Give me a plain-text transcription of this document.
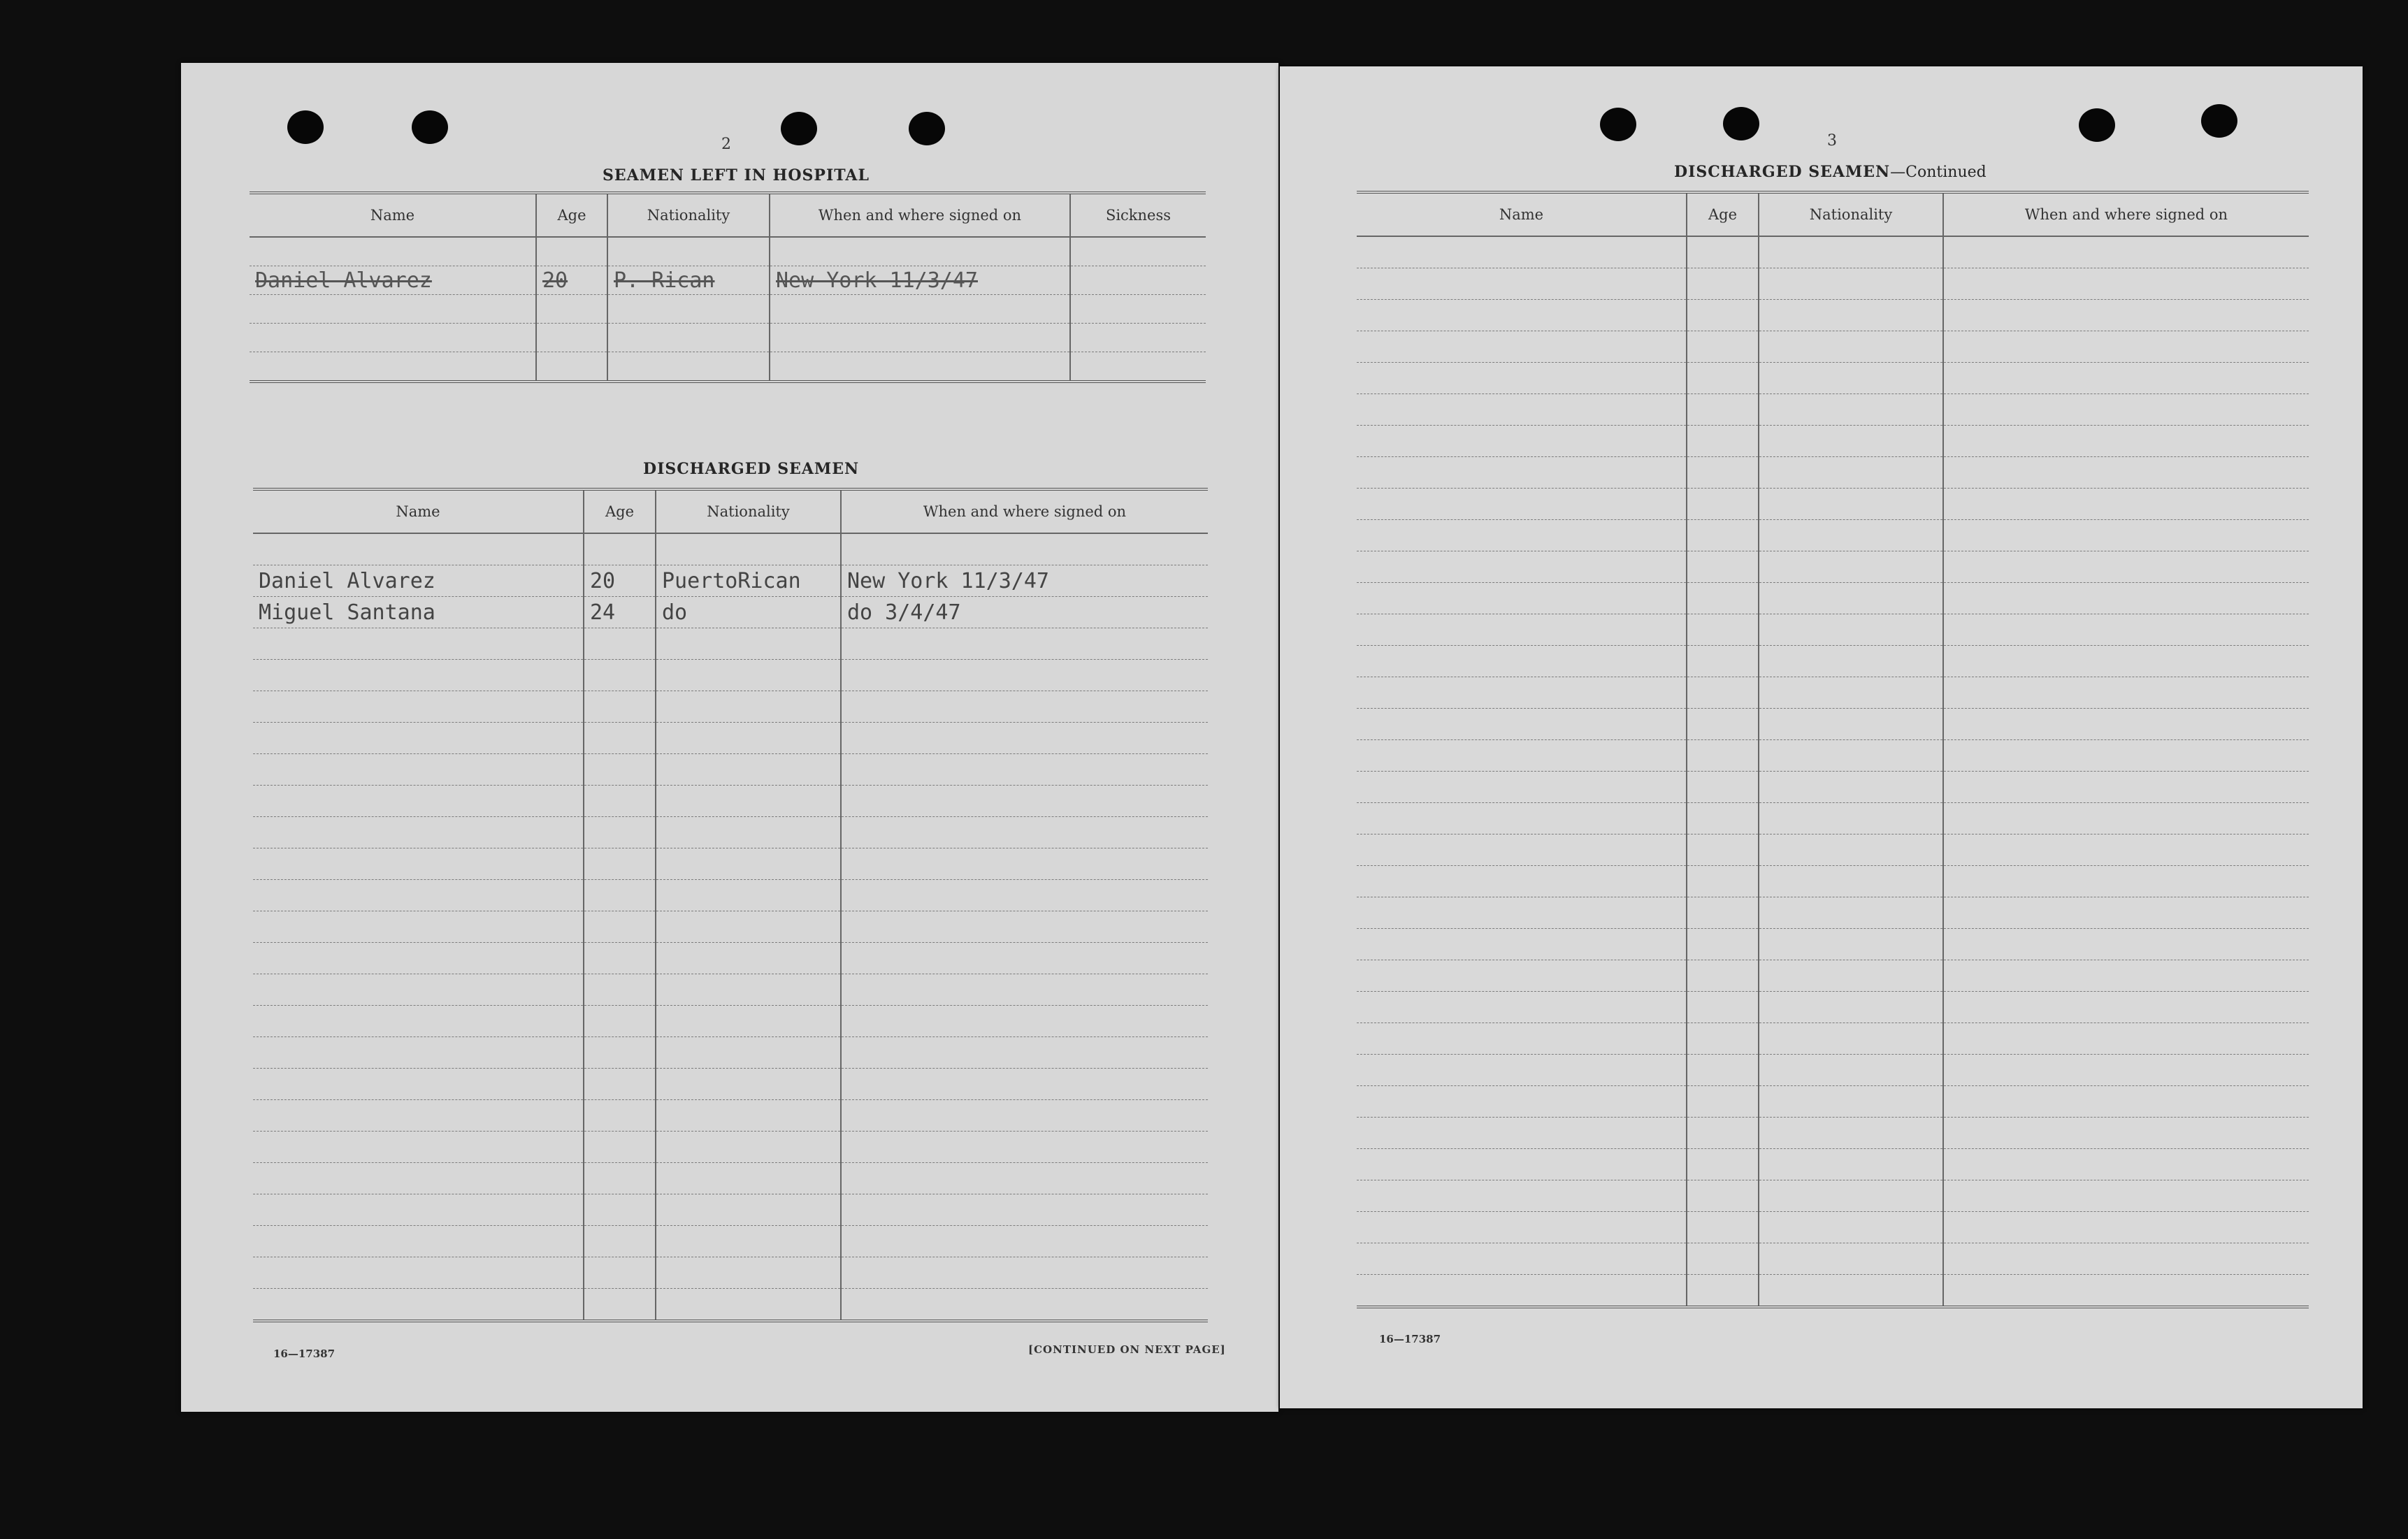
2
SEAMEN LEFT IN HOSPITAL
Name	Age	Nationality	When and where signed on	Sickness

Daniel Alvarez	20	P. Rican	New York 11/3/47	

DISCHARGED SEAMEN
Name	Age	Nationality	When and where signed on

Daniel Alvarez	20	PuertoRican	New York 11/3/47
Miguel Santana	24	do	do 3/4/47

16—17387	[CONTINUED ON NEXT PAGE]
3
DISCHARGED SEAMEN—Continued
Name	Age	Nationality	When and where signed on

16—17387
